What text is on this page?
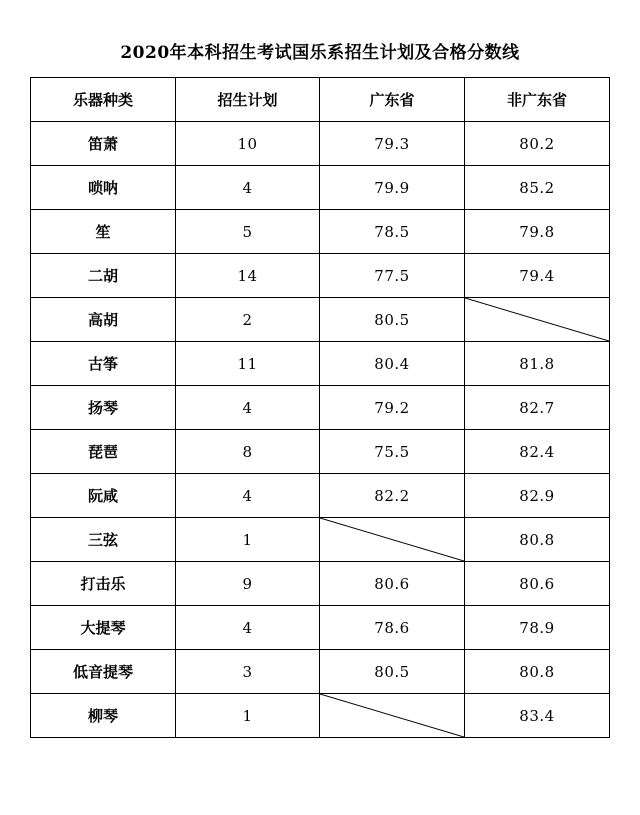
2020年本科招生考试国乐系招生计划及合格分数线
乐器种类	招生计划	广东省	非广东省
笛萧	10	79.3	80.2
唢呐	4	79.9	85.2
笙	5	78.5	79.8
二胡	14	77.5	79.4
高胡	2	80.5	

古筝	11	80.4	81.8
扬琴	4	79.2	82.7
琵琶	8	75.5	82.4
阮咸	4	82.2	82.9
三弦	1		80.8
打击乐	9	80.6	80.6
大提琴	4	78.6	78.9
低音提琴	3	80.5	80.8
柳琴	1		83.4
